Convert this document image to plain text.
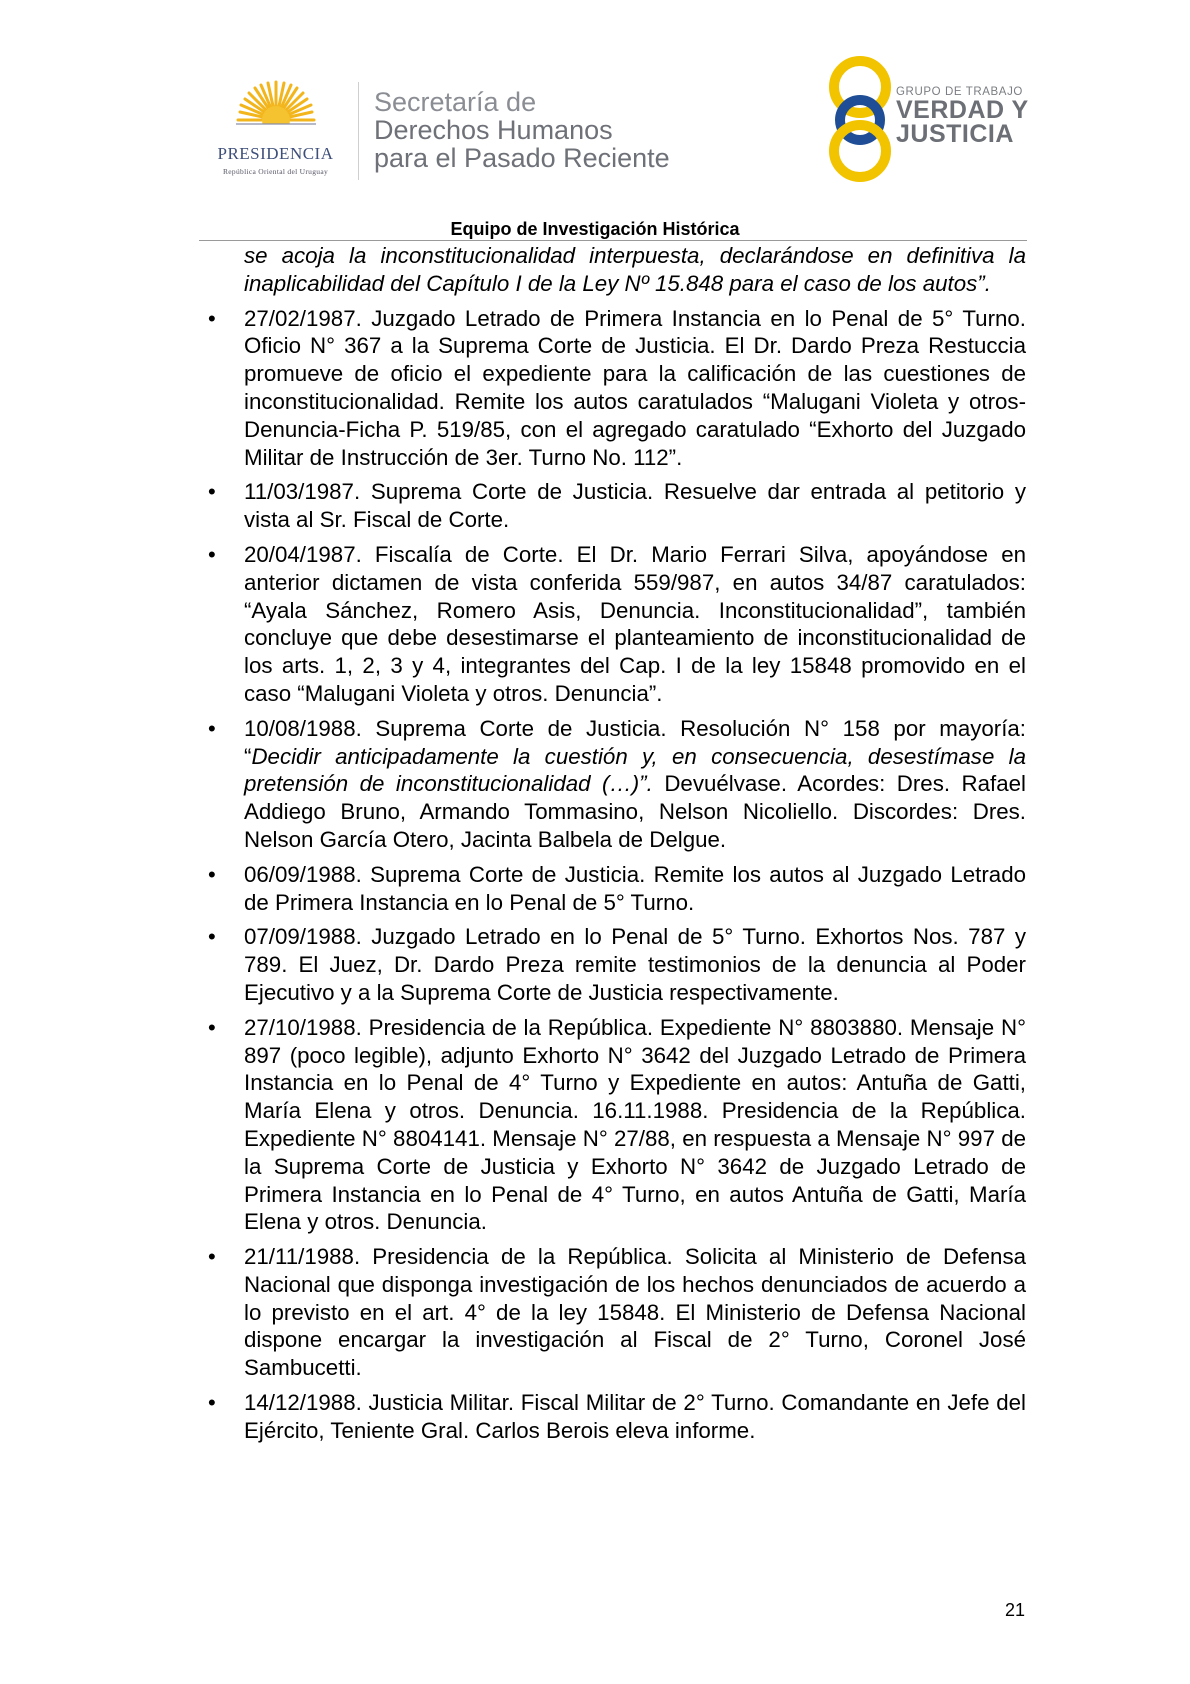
PRESIDENCIA
República Oriental del Uruguay
Secretaría de
Derechos Humanos
para el Pasado Reciente
GRUPO DE TRABAJO
VERDAD Y
JUSTICIA
Equipo de Investigación Histórica

se acoja la inconstitucionalidad interpuesta, declarándose en definitiva la inaplicabilidad del Capítulo I de la Ley Nº 15.848 para el caso de los autos”.

• 27/02/1987. Juzgado Letrado de Primera Instancia en lo Penal de 5° Turno. Oficio N° 367 a la Suprema Corte de Justicia. El Dr. Dardo Preza Restuccia promueve de oficio el expediente para la calificación de las cuestiones de inconstitucionalidad. Remite los autos caratulados “Malugani Violeta y otros-Denuncia-Ficha P. 519/85, con el agregado caratulado “Exhorto del Juzgado Militar de Instrucción de 3er. Turno No. 112”.

• 11/03/1987. Suprema Corte de Justicia. Resuelve dar entrada al petitorio y vista al Sr. Fiscal de Corte.

• 20/04/1987. Fiscalía de Corte. El Dr. Mario Ferrari Silva, apoyándose en anterior dictamen de vista conferida 559/987, en autos 34/87 caratulados: “Ayala Sánchez, Romero Asis, Denuncia. Inconstitucionalidad”, también concluye que debe desestimarse el planteamiento de inconstitucionalidad de los arts. 1, 2, 3 y 4, integrantes del Cap. I de la ley 15848 promovido en el caso “Malugani Violeta y otros. Denuncia”.

• 10/08/1988. Suprema Corte de Justicia. Resolución N° 158 por mayoría: “Decidir anticipadamente la cuestión y, en consecuencia, desestímase la pretensión de inconstitucionalidad (…)”. Devuélvase. Acordes: Dres. Rafael Addiego Bruno, Armando Tommasino, Nelson Nicoliello. Discordes: Dres. Nelson García Otero, Jacinta Balbela de Delgue.

• 06/09/1988. Suprema Corte de Justicia. Remite los autos al Juzgado Letrado de Primera Instancia en lo Penal de 5° Turno.

• 07/09/1988. Juzgado Letrado en lo Penal de 5° Turno. Exhortos Nos. 787 y 789. El Juez, Dr. Dardo Preza remite testimonios de la denuncia al Poder Ejecutivo y a la Suprema Corte de Justicia respectivamente.

• 27/10/1988. Presidencia de la República. Expediente N° 8803880. Mensaje N° 897 (poco legible), adjunto Exhorto N° 3642 del Juzgado Letrado de Primera Instancia en lo Penal de 4° Turno y Expediente en autos: Antuña de Gatti, María Elena y otros. Denuncia. 16.11.1988. Presidencia de la República. Expediente N° 8804141. Mensaje N° 27/88, en respuesta a Mensaje N° 997 de la Suprema Corte de Justicia y Exhorto N° 3642 de Juzgado Letrado de Primera Instancia en lo Penal de 4° Turno, en autos Antuña de Gatti, María Elena y otros. Denuncia.

• 21/11/1988. Presidencia de la República. Solicita al Ministerio de Defensa Nacional que disponga investigación de los hechos denunciados de acuerdo a lo previsto en el art. 4° de la ley 15848. El Ministerio de Defensa Nacional dispone encargar la investigación al Fiscal de 2° Turno, Coronel José Sambucetti.

• 14/12/1988. Justicia Militar. Fiscal Militar de 2° Turno. Comandante en Jefe del Ejército, Teniente Gral. Carlos Berois eleva informe.

21
